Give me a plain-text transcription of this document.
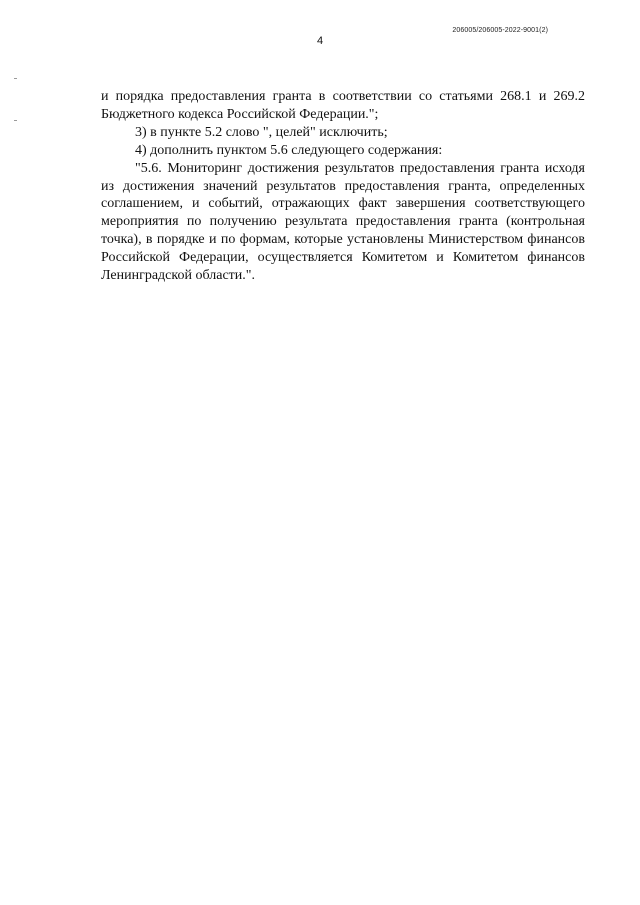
206005/206005-2022-9001(2)
4

и порядка предоставления гранта в соответствии со статьями 268.1 и 269.2 Бюджетного кодекса Российской Федерации.";

3) в пункте 5.2 слово ", целей" исключить;

4) дополнить пунктом 5.6 следующего содержания:

"5.6. Мониторинг достижения результатов предоставления гранта исходя из достижения значений результатов предоставления гранта, определенных соглашением, и событий, отражающих факт завершения соответствующего мероприятия по получению результата предоставления гранта (контрольная точка), в порядке и по формам, которые установлены Министерством финансов Российской Федерации, осуществляется Комитетом и Комитетом финансов Ленинградской области.".
